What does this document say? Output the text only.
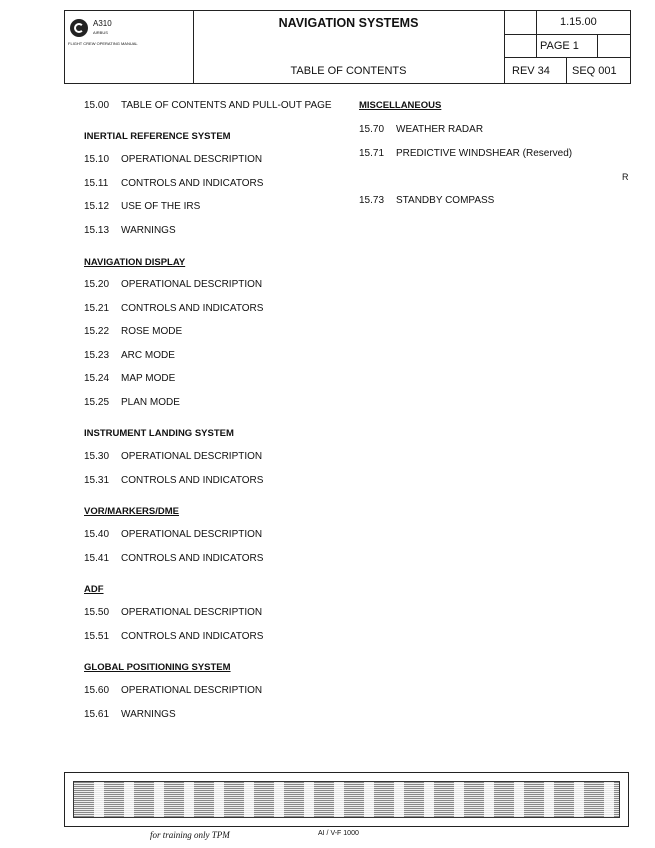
A310
AIRBUS
FLIGHT CREW OPERATING MANUAL
NAVIGATION SYSTEMS
TABLE OF CONTENTS
1.15.00
PAGE 1
REV 34 SEQ 001
15.00 TABLE OF CONTENTS AND PULL-OUT PAGE
INERTIAL REFERENCE SYSTEM
15.10 OPERATIONAL DESCRIPTION
15.11 CONTROLS AND INDICATORS
15.12 USE OF THE IRS
15.13 WARNINGS
NAVIGATION DISPLAY
15.20 OPERATIONAL DESCRIPTION
15.21 CONTROLS AND INDICATORS
15.22 ROSE MODE
15.23 ARC MODE
15.24 MAP MODE
15.25 PLAN MODE
INSTRUMENT LANDING SYSTEM
15.30 OPERATIONAL DESCRIPTION
15.31 CONTROLS AND INDICATORS
VOR/MARKERS/DME
15.40 OPERATIONAL DESCRIPTION
15.41 CONTROLS AND INDICATORS
ADF
15.50 OPERATIONAL DESCRIPTION
15.51 CONTROLS AND INDICATORS
GLOBAL POSITIONING SYSTEM
15.60 OPERATIONAL DESCRIPTION
15.61 WARNINGS
MISCELLANEOUS
15.70 WEATHER RADAR
15.71 PREDICTIVE WINDSHEAR (Reserved)
15.73 STANDBY COMPASS
R
for training only TPM	AI / V-F 1000
